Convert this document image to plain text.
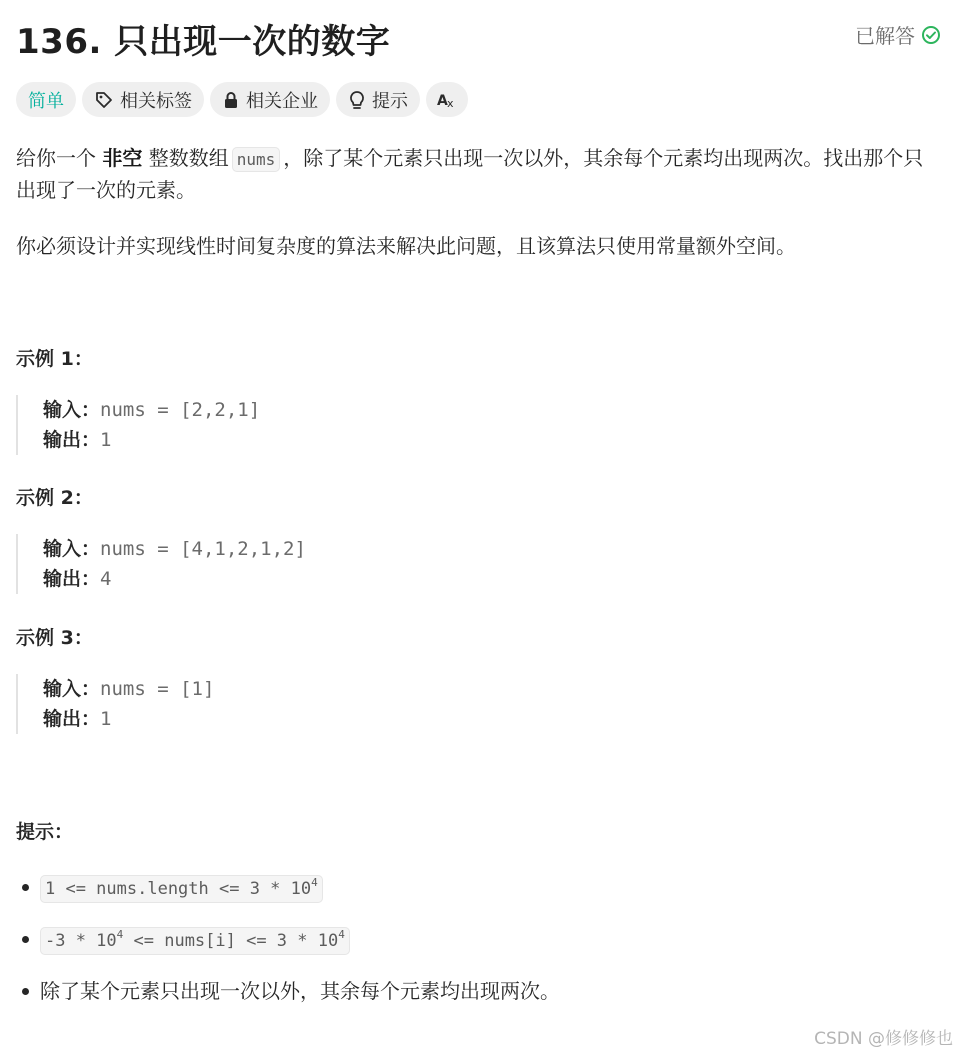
136. 只出现一次的数字	已解答
简单	相关标签	相关企业	提示 A x

给你一个 非空 整数数组 nums ，除了某个元素只出现一次以外，其余每个元素均出现两次。找出那个只出现了一次的元素。

你必须设计并实现线性时间复杂度的算法来解决此问题，且该算法只使用常量额外空间。

示例 1：
输入：nums = [2,2,1]
输出：1
示例 2：
输入：nums = [4,1,2,1,2]
输出：4
示例 3：
输入：nums = [1]
输出：1
提示：
1 <= nums.length <= $3 * 10^4$
$-3 * 10^4$ <= nums[i] <= $3 * 10^4$
除了某个元素只出现一次以外，其余每个元素均出现两次。
CSDN @修修修也
